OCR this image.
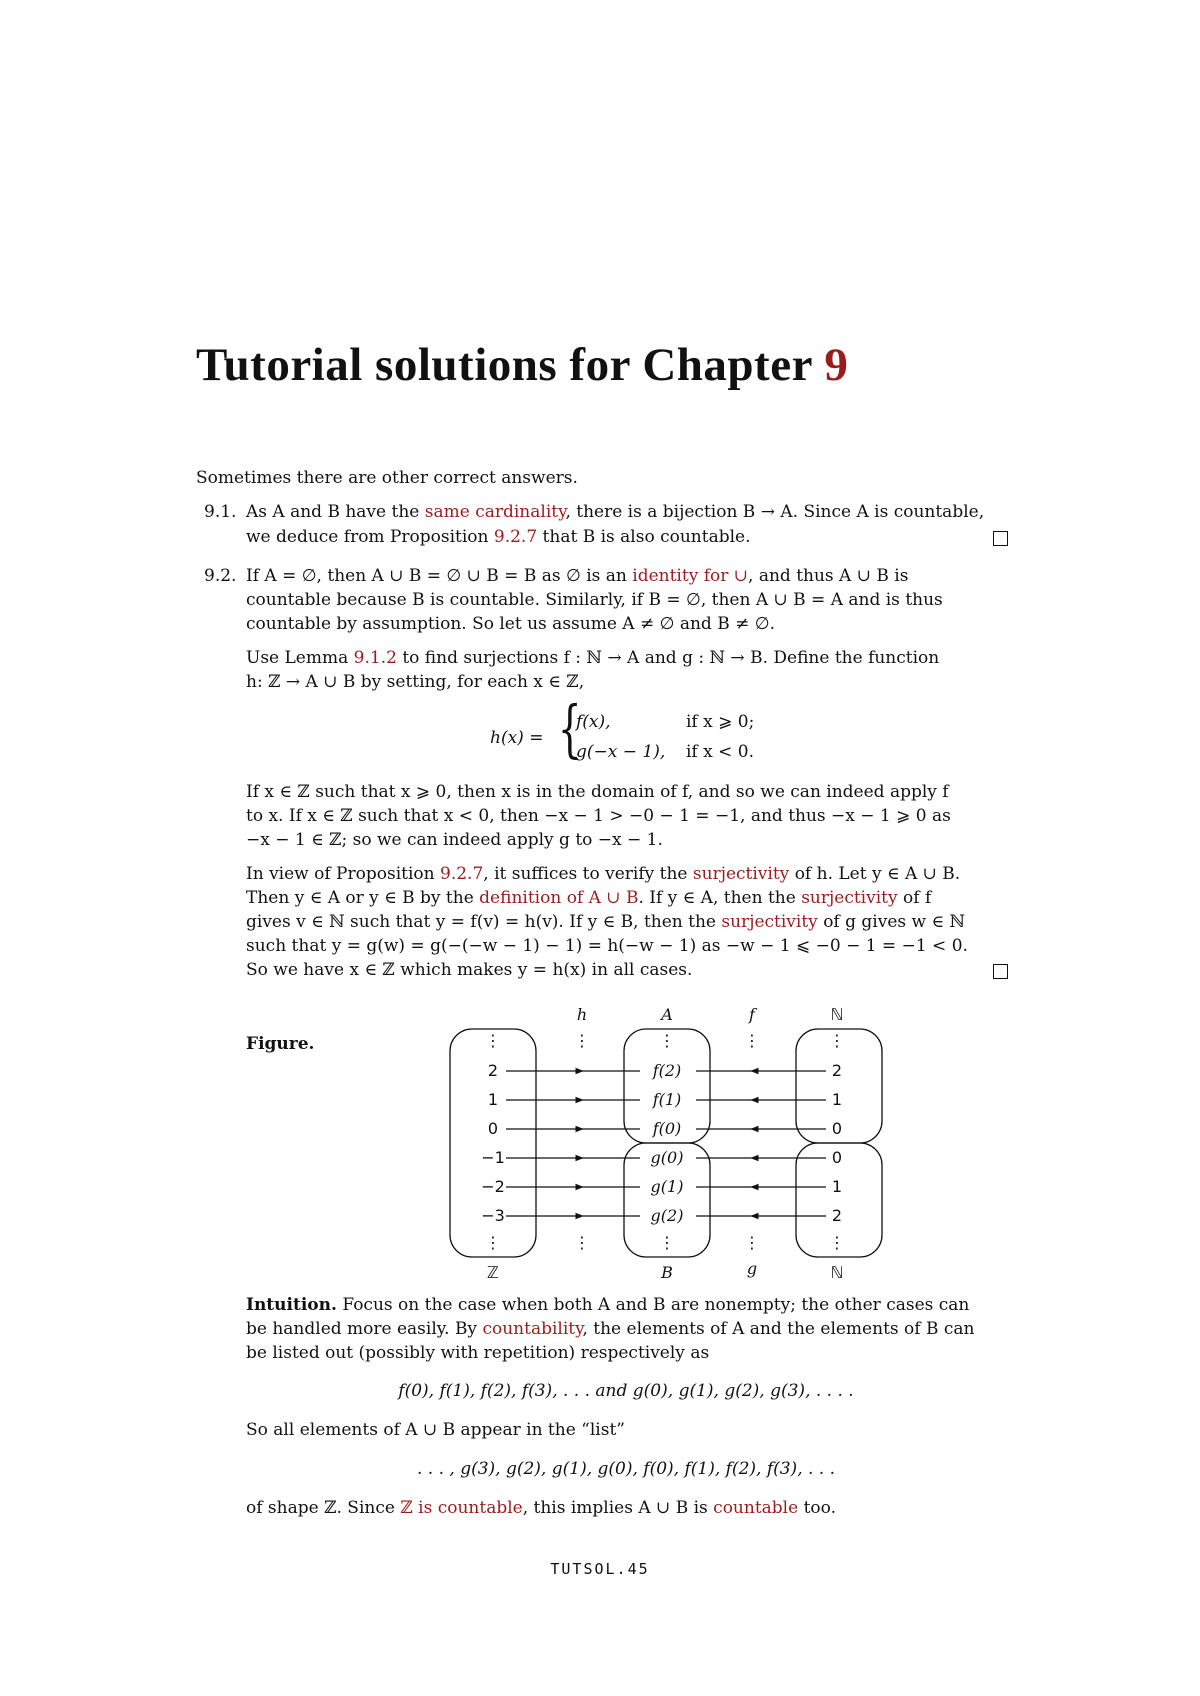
Tutorial solutions for Chapter 9
Sometimes there are other correct answers.
9.1. As A and B have the same cardinality, there is a bijection B → A. Since A is countable,
we deduce from Proposition 9.2.7 that B is also countable.
9.2. If A = ∅, then A ∪ B = ∅ ∪ B = B as ∅ is an identity for ∪, and thus A ∪ B is
countable because B is countable. Similarly, if B = ∅, then A ∪ B = A and is thus
countable by assumption. So let us assume A ≠ ∅ and B ≠ ∅.
Use Lemma 9.1.2 to find surjections f : ℕ → A and g : ℕ → B. Define the function
h: ℤ → A ∪ B by setting, for each x ∈ ℤ,
h(x) = {
f(x),	if x ⩾ 0;
g(−x − 1), if x < 0.
If x ∈ ℤ such that x ⩾ 0, then x is in the domain of f, and so we can indeed apply f
to x. If x ∈ ℤ such that x < 0, then −x − 1 > −0 − 1 = −1, and thus −x − 1 ⩾ 0 as
−x − 1 ∈ ℤ; so we can indeed apply g to −x − 1.
In view of Proposition 9.2.7, it suffices to verify the surjectivity of h. Let y ∈ A ∪ B.
Then y ∈ A or y ∈ B by the definition of A ∪ B. If y ∈ A, then the surjectivity of f
gives v ∈ ℕ such that y = f(v) = h(v). If y ∈ B, then the surjectivity of g gives w ∈ ℕ
such that y = g(w) = g(−(−w − 1) − 1) = h(−w − 1) as −w − 1 ⩽ −0 − 1 = −1 < 0.
So we have x ∈ ℤ which makes y = h(x) in all cases.
Figure.
h	A	f	ℕ
⋮	⋮	⋮	⋮	⋮
⋮	⋮	⋮	⋮	⋮
2	f(2)	2
1	f(1)	1
0	f(0)	0
−1	g(0)	0
−2	g(1)	1
−3	g(2)	2
ℤ	B	g	ℕ
Intuition. Focus on the case when both A and B are nonempty; the other cases can
be handled more easily. By countability, the elements of A and the elements of B can
be listed out (possibly with repetition) respectively as
f(0), f(1), f(2), f(3), . . . and g(0), g(1), g(2), g(3), . . . .
So all elements of A ∪ B appear in the “list”
. . . , g(3), g(2), g(1), g(0), f(0), f(1), f(2), f(3), . . .
of shape ℤ. Since ℤ is countable, this implies A ∪ B is countable too.
TUTSOL.45
